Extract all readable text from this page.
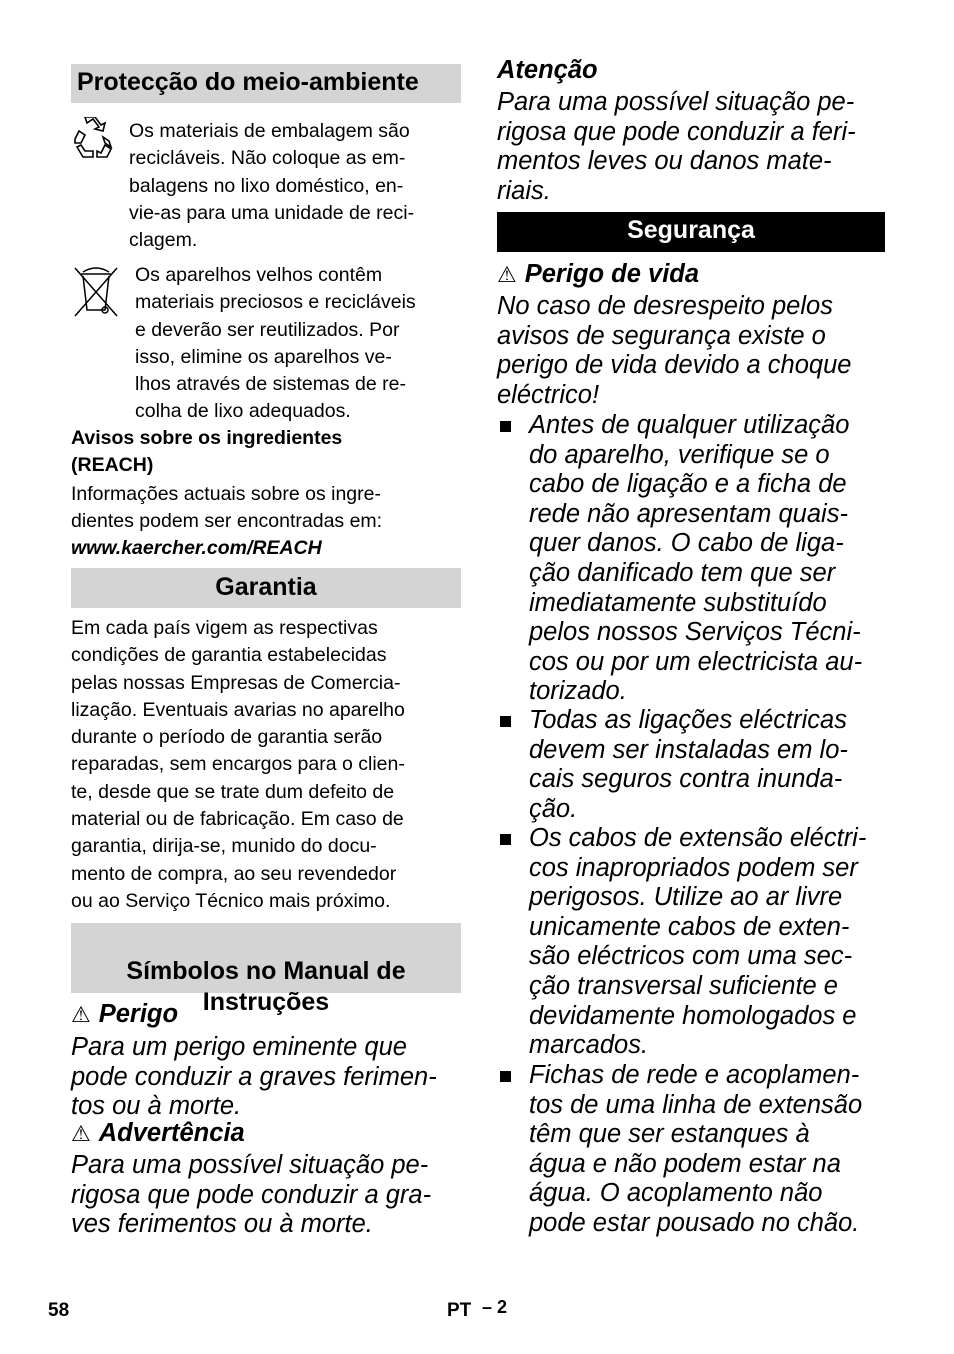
Protecção do meio-ambiente
Os materiais de embalagem são
recicláveis. Não coloque as em-
balagens no lixo doméstico, en-
vie-as para uma unidade de reci-
clagem.
Os aparelhos velhos contêm
materiais preciosos e recicláveis
e deverão ser reutilizados. Por
isso, elimine os aparelhos ve-
lhos através de sistemas de re-
colha de lixo adequados.
Avisos sobre os ingredientes
(REACH)
Informações actuais sobre os ingre-
dientes podem ser encontradas em:
www.kaercher.com/REACH
Garantia
Em cada país vigem as respectivas
condições de garantia estabelecidas
pelas nossas Empresas de Comercia-
lização. Eventuais avarias no aparelho
durante o período de garantia serão
reparadas, sem encargos para o clien-
te, desde que se trate dum defeito de
material ou de fabricação. Em caso de
garantia, dirija-se, munido do docu-
mento de compra, ao seu revendedor
ou ao Serviço Técnico mais próximo.

Símbolos no Manual de
Instruções

⚠ Perigo
Para um perigo eminente que
pode conduzir a graves ferimen-
tos ou à morte.
⚠ Advertência
Para uma possível situação pe-
rigosa que pode conduzir a gra-
ves ferimentos ou à morte.
Atenção
Para uma possível situação pe-
rigosa que pode conduzir a feri-
mentos leves ou danos mate-
riais.
Segurança
⚠ Perigo de vida
No caso de desrespeito pelos
avisos de segurança existe o
perigo de vida devido a choque
eléctrico!
Antes de qualquer utilização
do aparelho, verifique se o
cabo de ligação e a ficha de
rede não apresentam quais-
quer danos. O cabo de liga-
ção danificado tem que ser
imediatamente substituído
pelos nossos Serviços Técni-
cos ou por um electricista au-
torizado.
Todas as ligações eléctricas
devem ser instaladas em lo-
cais seguros contra inunda-
ção.
Os cabos de extensão eléctri-
cos inapropriados podem ser
perigosos. Utilize ao ar livre
unicamente cabos de exten-
são eléctricos com uma sec-
ção transversal suficiente e
devidamente homologados e
marcados.
Fichas de rede e acoplamen-
tos de uma linha de extensão
têm que ser estanques à
água e não podem estar na
água. O acoplamento não
pode estar pousado no chão.
58	PT – 2
